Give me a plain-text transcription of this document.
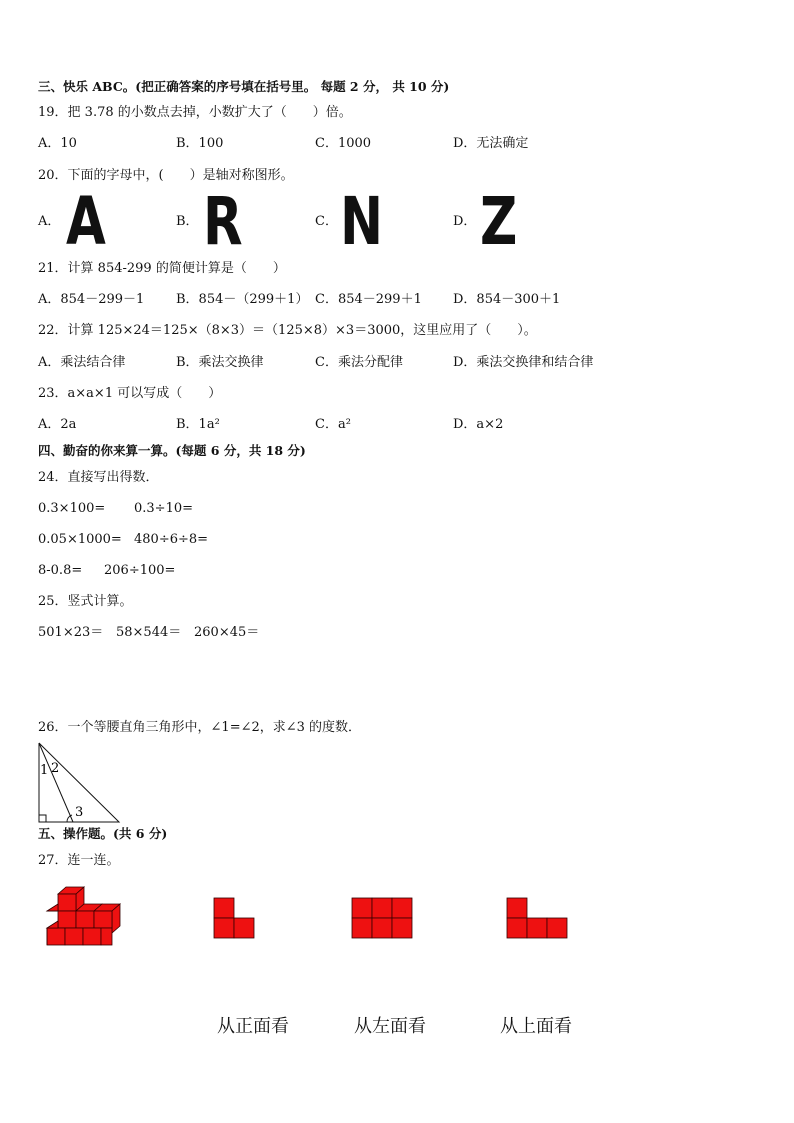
三、快乐 ABC。(把正确答案的序号填在括号里。 每题 2 分， 共 10 分)
19．把 3.78 的小数点去掉，小数扩大了（　　）倍。
A．10	B．100	C．1000	D．无法确定
20．下面的字母中，(　　）是轴对称图形。
A． A	B． R	C． N	D． Z
21．计算 854-299 的简便计算是（　　）
A．854－299－1 B．854－（299＋1） C．854－299＋1 D．854－300＋1
22．计算 125×24＝125×（8×3）＝（125×8）×3＝3000，这里应用了（　　）。
A．乘法结合律	B．乘法交换律	C．乘法分配律	D．乘法交换律和结合律
23．a×a×1 可以写成（　　）
A．2a	B．1a²	C．a²	D．a×2
四、勤奋的你来算一算。(每题 6 分，共 18 分)
24．直接写出得数．
0.3×100= 0.3÷10=
0.05×1000= 480÷6÷8=
8-0.8= 206÷100=
25．竖式计算。
501×23＝ 58×544＝ 260×45＝
26．一个等腰直角三角形中，∠1=∠2，求∠3 的度数．
1 2
3
五、操作题。(共 6 分)
27．连一连。
从正面看	从左面看	从上面看
